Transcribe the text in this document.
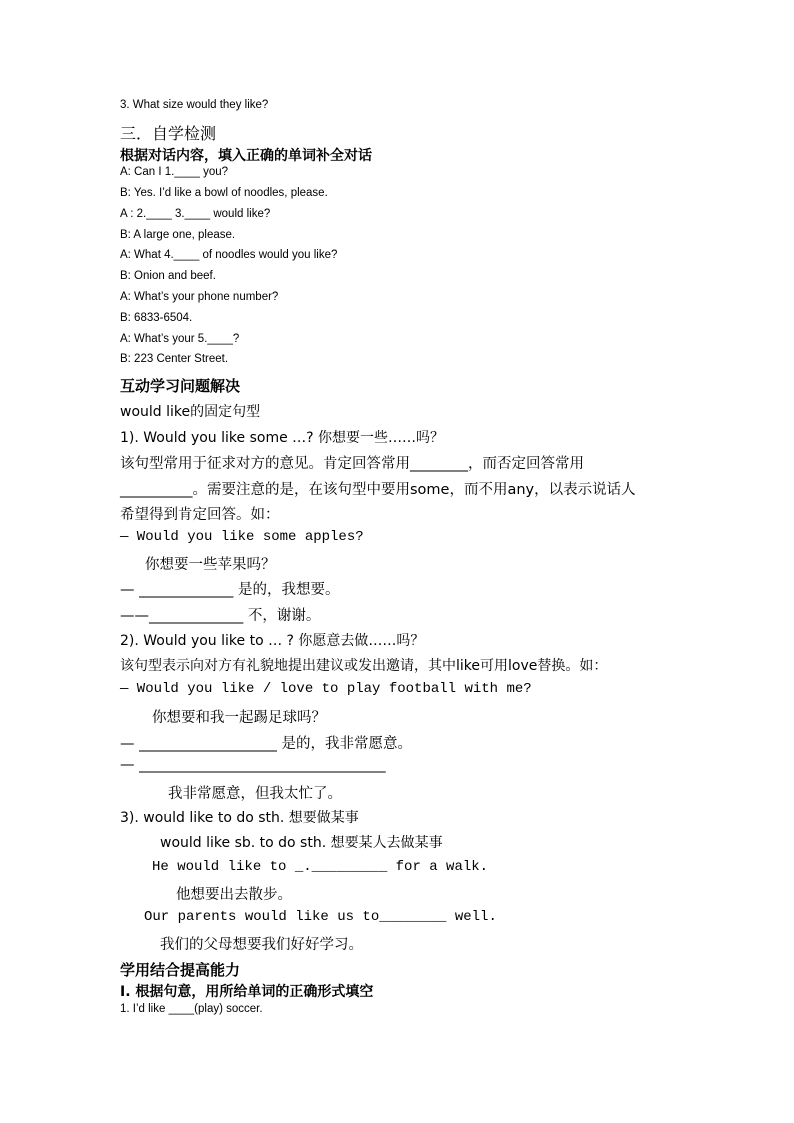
3. What size would they like?
三．自学检测
根据对话内容，填入正确的单词补全对话
A: Can I 1.____ you?
B: Yes. I’d like a bowl of noodles, please.
A : 2.____ 3.____ would like?
B: A large one, please.
A: What 4.____ of noodles would you like?
B: Onion and beef.
A: What’s your phone number?
B: 6833-6504.
A: What’s your 5.____?
B: 223 Center Street.
互动学习问题解决
would like的固定句型
1). Would you like some …? 你想要一些……吗？
该句型常用于征求对方的意见。肯定回答常用________，而否定回答常用
__________。需要注意的是，在该句型中要用some，而不用any，以表示说话人
希望得到肯定回答。如：
— Would you like some apples?
你想要一些苹果吗？
— _____________ 是的，我想要。
——_____________ 不，谢谢。
2). Would you like to … ? 你愿意去做……吗？
该句型表示向对方有礼貌地提出建议或发出邀请，其中like可用love替换。如：
— Would you like / love to play football with me?
你想要和我一起踢足球吗？
— ___________________ 是的，我非常愿意。
— __________________________________
我非常愿意，但我太忙了。
3). would like to do sth. 想要做某事
would like sb. to do sth. 想要某人去做某事
He would like to _._________ for a walk.
他想要出去散步。
Our parents would like us to________ well.
我们的父母想要我们好好学习。
学用结合提高能力
Ⅰ. 根据句意，用所给单词的正确形式填空
1. I’d like ____(play) soccer.
